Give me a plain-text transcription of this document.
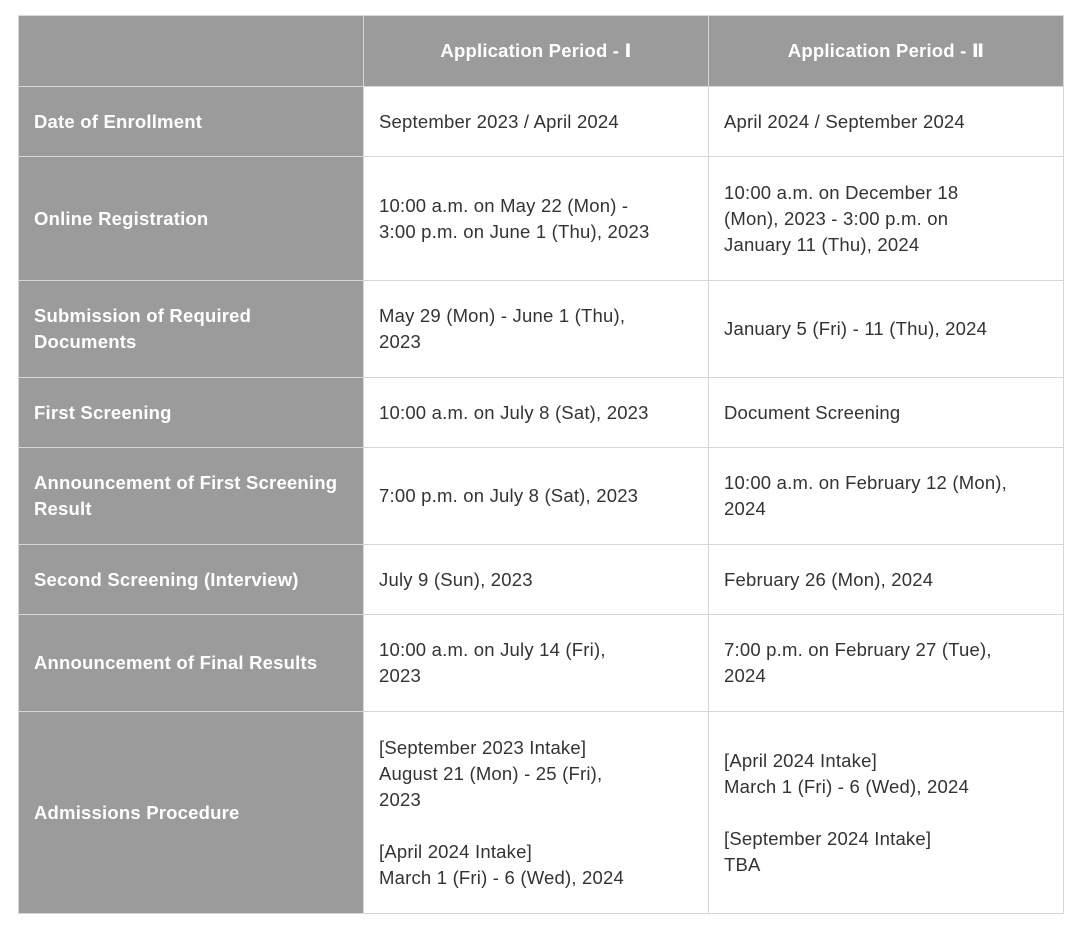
	Application Period - Ⅰ	Application Period - Ⅱ
Date of Enrollment	September 2023 / April 2024	April 2024 / September 2024

Online Registration	10:00 a.m. on May 22 (Mon) -
3:00 p.m. on June 1 (Thu), 2023	10:00 a.m. on December 18
(Mon), 2023 - 3:00 p.m. on
January 11 (Thu), 2024

Submission of Required Documents	May 29 (Mon) - June 1 (Thu),
2023	January 5 (Fri) - 11 (Thu), 2024

First Screening	10:00 a.m. on July 8 (Sat), 2023	Document Screening

Announcement of First Screening Result	7:00 p.m. on July 8 (Sat), 2023	10:00 a.m. on February 12 (Mon),
2024

Second Screening (Interview)	July 9 (Sun), 2023	February 26 (Mon), 2024

Announcement of Final Results	10:00 a.m. on July 14 (Fri),
2023	7:00 p.m. on February 27 (Tue),
2024

Admissions Procedure	[September 2023 Intake]
August 21 (Mon) - 25 (Fri),
2023
[April 2024 Intake]
March 1 (Fri) - 6 (Wed), 2024	[April 2024 Intake]
March 1 (Fri) - 6 (Wed), 2024
[September 2024 Intake]
TBA
